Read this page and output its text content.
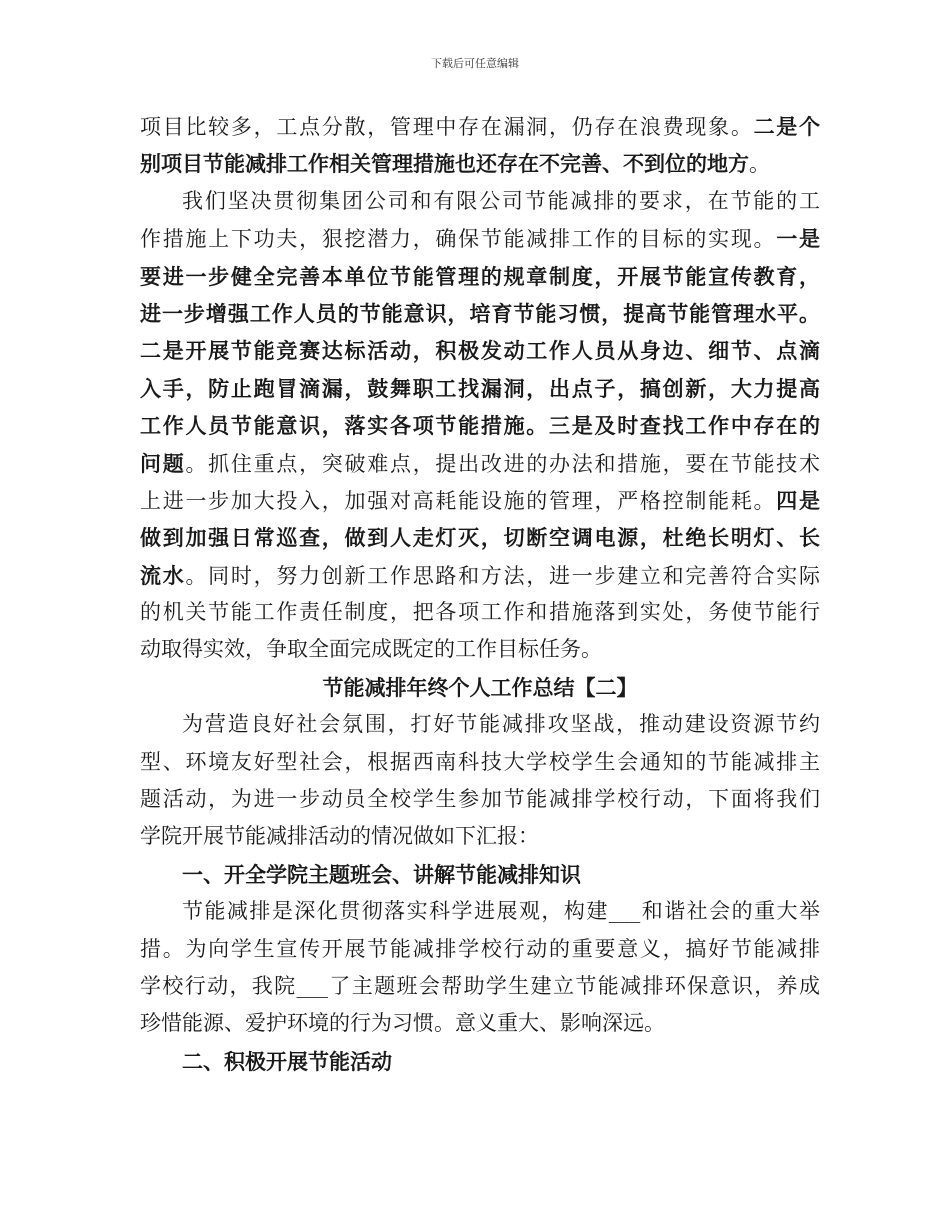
下载后可任意编辑
项目比较多，工点分散，管理中存在漏洞，仍存在浪费现象。二是个
别项目节能减排工作相关管理措施也还存在不完善、不到位的地方。
我们坚决贯彻集团公司和有限公司节能减排的要求，在节能的工
作措施上下功夫，狠挖潜力，确保节能减排工作的目标的实现。一是
要进一步健全完善本单位节能管理的规章制度，开展节能宣传教育，
进一步增强工作人员的节能意识，培育节能习惯，提高节能管理水平。
二是开展节能竞赛达标活动，积极发动工作人员从身边、细节、点滴
入手，防止跑冒滴漏，鼓舞职工找漏洞，出点子，搞创新，大力提高
工作人员节能意识，落实各项节能措施。三是及时查找工作中存在的
问题。抓住重点，突破难点，提出改进的办法和措施，要在节能技术
上进一步加大投入，加强对高耗能设施的管理，严格控制能耗。四是
做到加强日常巡查，做到人走灯灭，切断空调电源，杜绝长明灯、长
流水。同时，努力创新工作思路和方法，进一步建立和完善符合实际
的机关节能工作责任制度，把各项工作和措施落到实处，务使节能行
动取得实效，争取全面完成既定的工作目标任务。
节能减排年终个人工作总结【二】
为营造良好社会氛围，打好节能减排攻坚战，推动建设资源节约
型、环境友好型社会，根据西南科技大学校学生会通知的节能减排主
题活动，为进一步动员全校学生参加节能减排学校行动，下面将我们
学院开展节能减排活动的情况做如下汇报：
一、开全学院主题班会、讲解节能减排知识
节能减排是深化贯彻落实科学进展观，构建___和谐社会的重大举
措。为向学生宣传开展节能减排学校行动的重要意义，搞好节能减排
学校行动，我院___了主题班会帮助学生建立节能减排环保意识，养成
珍惜能源、爱护环境的行为习惯。意义重大、影响深远。
二、积极开展节能活动
